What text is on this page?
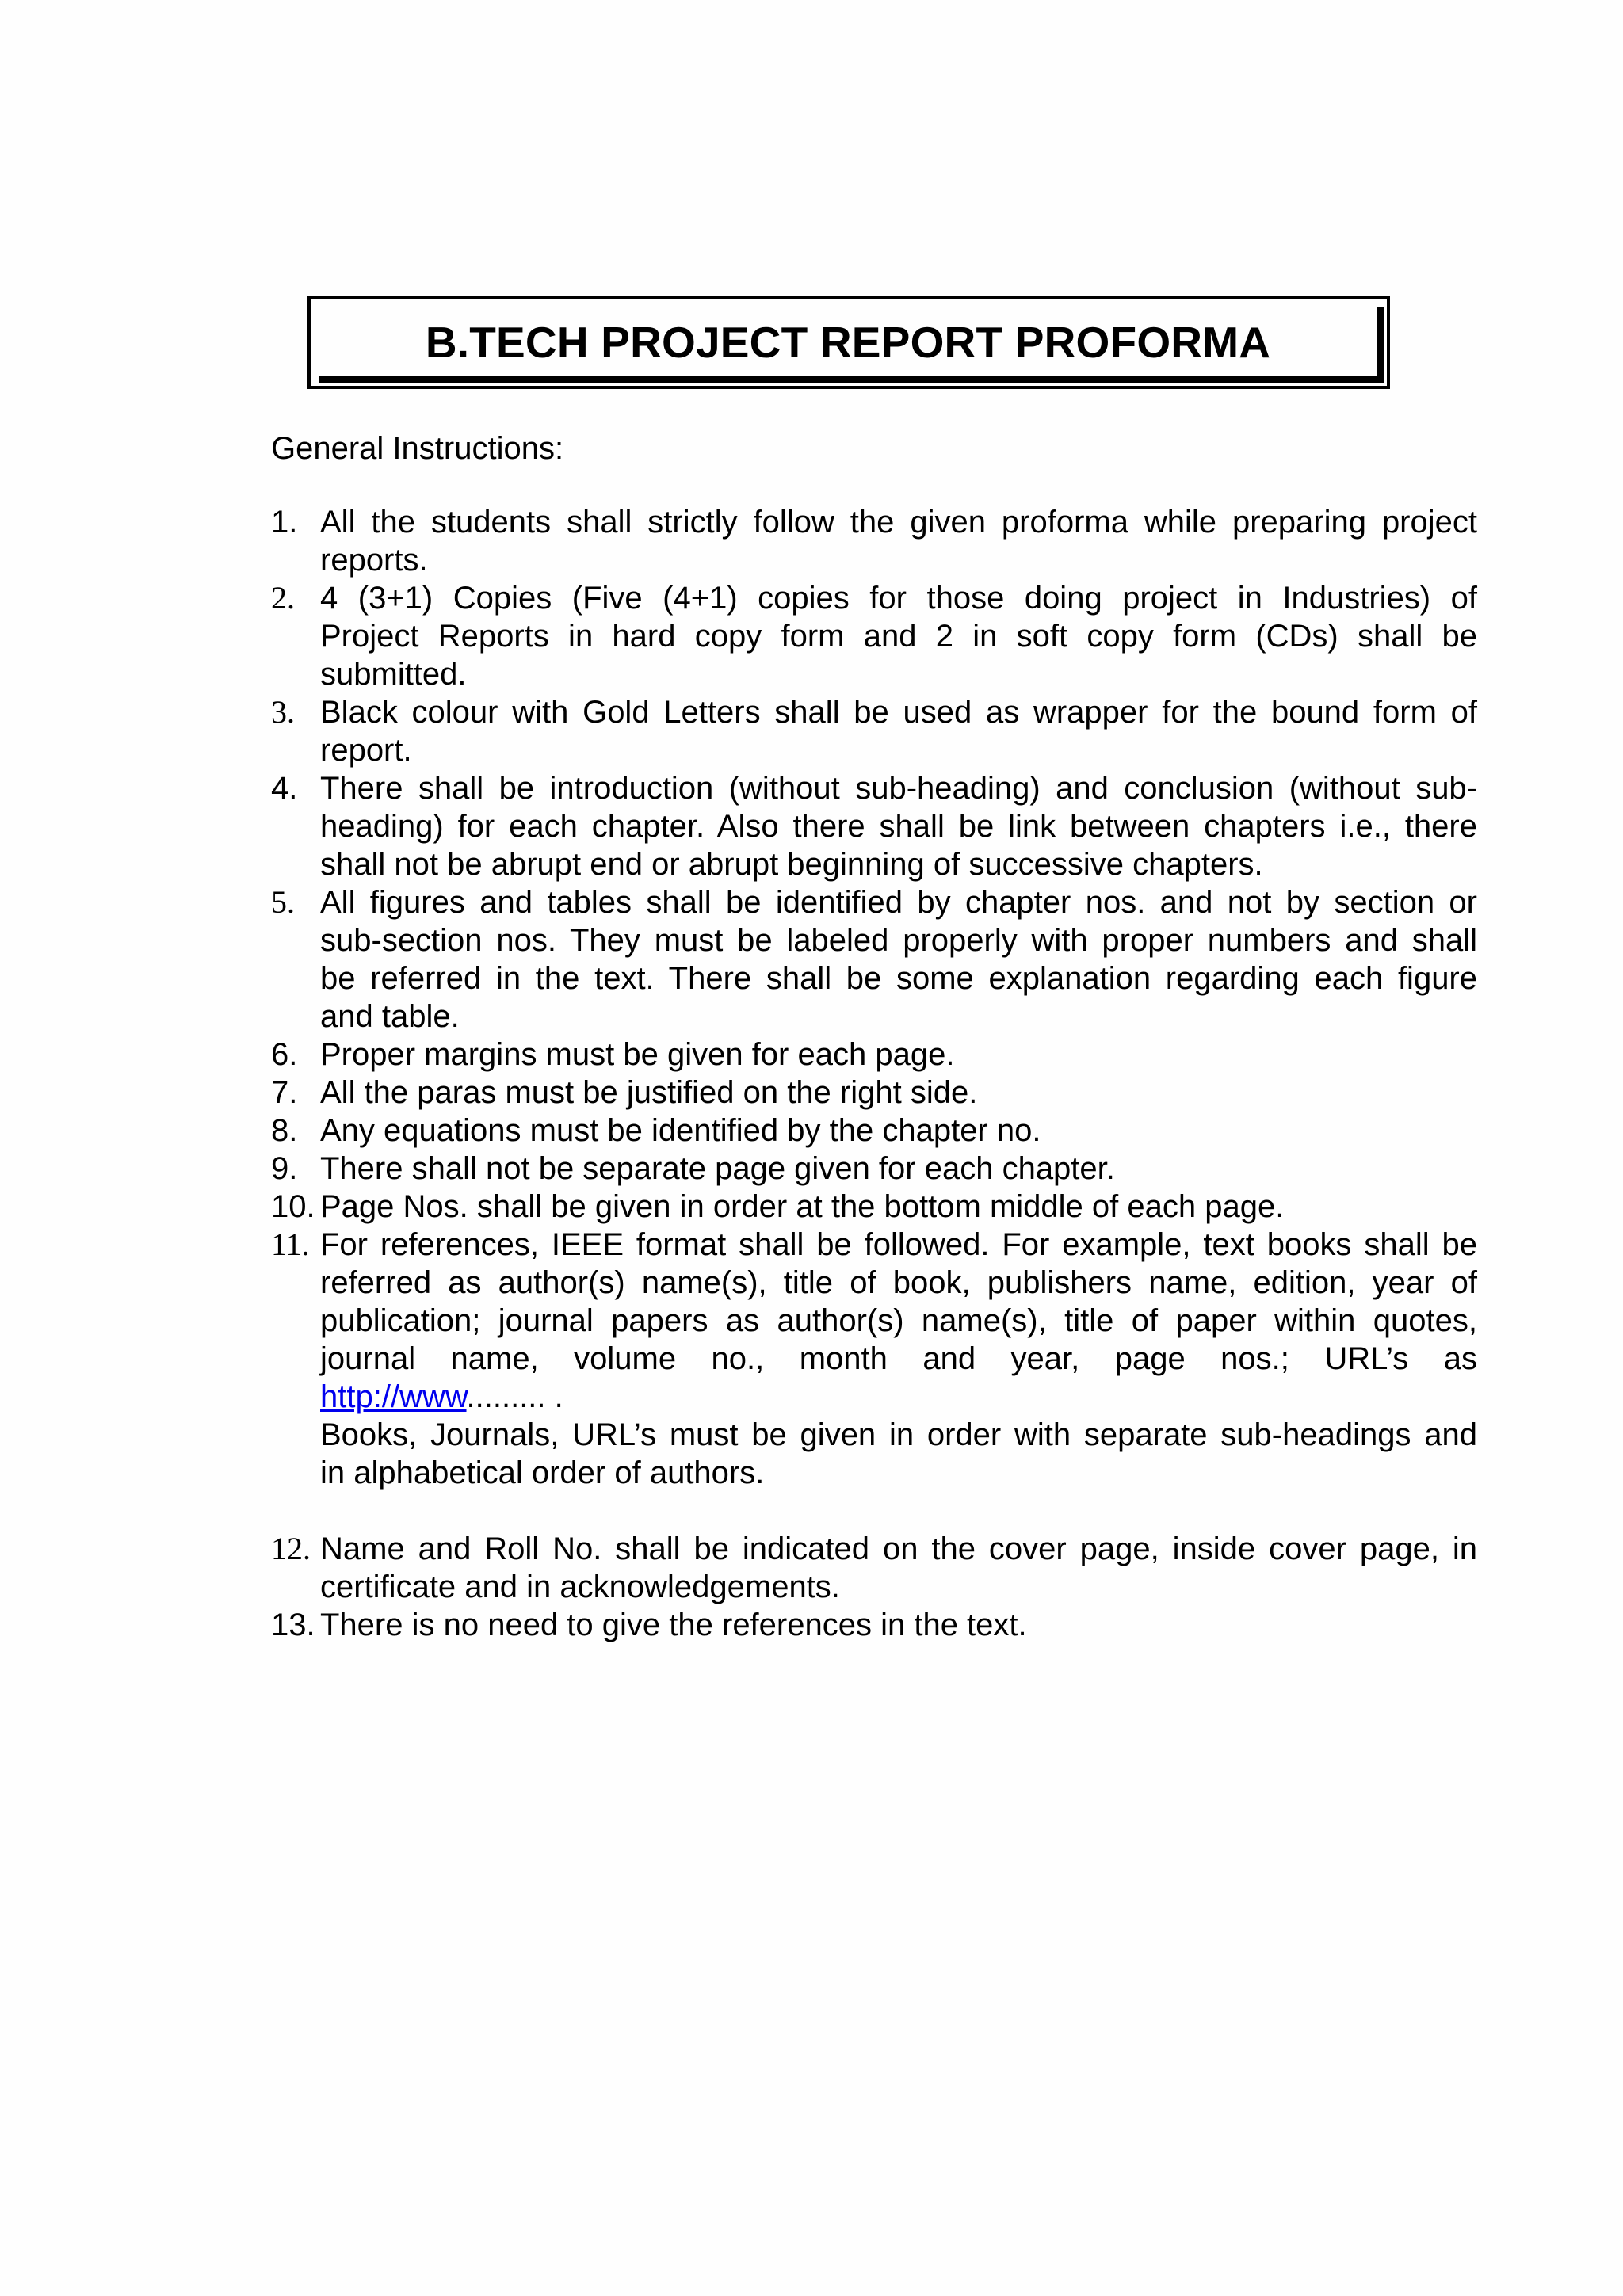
B.TECH PROJECT REPORT PROFORMA
General Instructions:
1. All the students shall strictly follow the given proforma while preparing project
reports.
2. 4 (3+1) Copies (Five (4+1) copies for those doing project in Industries) of
Project Reports in hard copy form and 2 in soft copy form (CDs) shall be
submitted.
3. Black colour with Gold Letters shall be used as wrapper for the bound form of
report.
4. There shall be introduction (without sub-heading) and conclusion (without sub-
heading) for each chapter. Also there shall be link between chapters i.e., there
shall not be abrupt end or abrupt beginning of successive chapters.
5. All figures and tables shall be identified by chapter nos. and not by section or
sub-section nos. They must be labeled properly with proper numbers and shall
be referred in the text. There shall be some explanation regarding each figure
and table.
6. Proper margins must be given for each page.
7. All the paras must be justified on the right side.
8. Any equations must be identified by the chapter no.
9. There shall not be separate page given for each chapter.
10. Page Nos. shall be given in order at the bottom middle of each page.
11. For references, IEEE format shall be followed. For example, text books shall be
referred as author(s) name(s), title of book, publishers name, edition, year of
publication; journal papers as author(s) name(s), title of paper within quotes,
journal name, volume no., month and year, page nos.; URL’s as
http://www......... .
Books, Journals, URL’s must be given in order with separate sub-headings and
in alphabetical order of authors.
12. Name and Roll No. shall be indicated on the cover page, inside cover page, in
certificate and in acknowledgements.
13. There is no need to give the references in the text.
